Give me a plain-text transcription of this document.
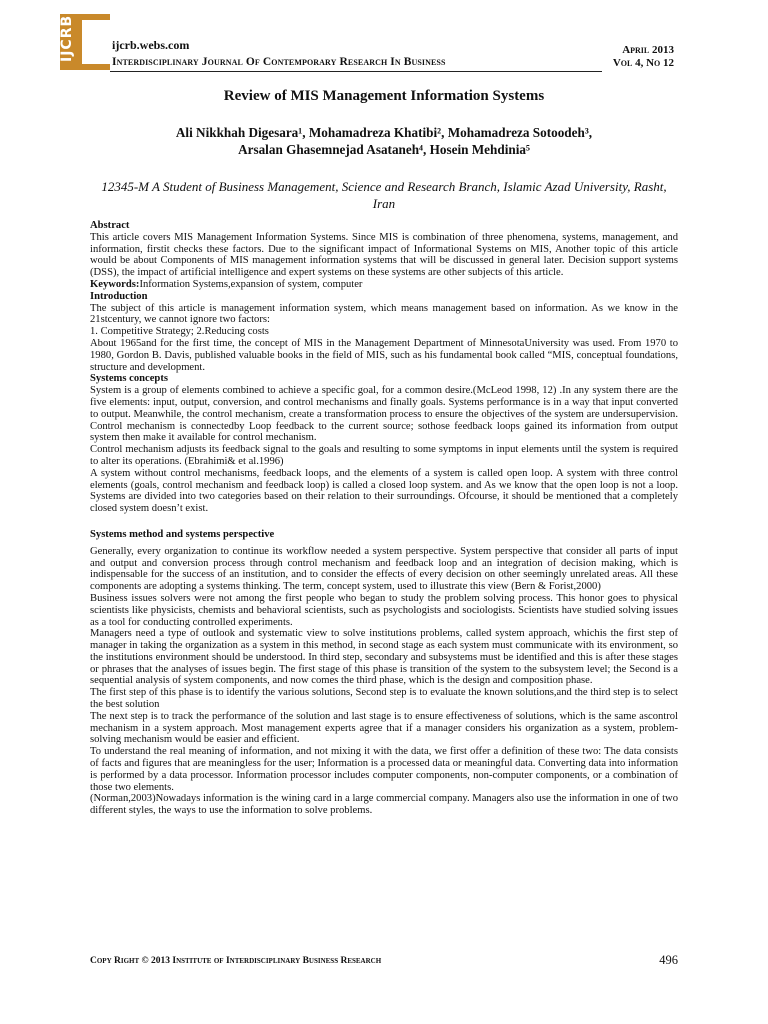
IJCRB	ijcrb.webs.com
Interdisciplinary Journal Of Contemporary Research In Business
April 2013
Vol 4, No 12
Review of MIS Management Information Systems
Ali Nikkhah Digesara¹, Mohamadreza Khatibi², Mohamadreza Sotoodeh³,
Arsalan Ghasemnejad Asataneh⁴, Hosein Mehdinia⁵
12345-M A Student of Business Management, Science and Research Branch, Islamic Azad University, Rasht, Iran

Abstract

This article covers MIS Management Information Systems. Since MIS is combination of three phenomena, systems, management, and information, firstit checks these factors. Due to the significant impact of Informational Systems on MIS, Another topic of this article would be about Components of MIS management information systems that will be discussed in general later. Decision support systems (DSS), the impact of artificial intelligence and expert systems on these systems are other subjects of this article.

Keywords:Information Systems,expansion of system, computer

Introduction

The subject of this article is management information system, which means management based on information. As we know in the 21stcentury, we cannot ignore two factors:

1. Competitive Strategy; 2.Reducing costs

About 1965and for the first time, the concept of MIS in the Management Department of MinnesotaUniversity was used. From 1970 to 1980, Gordon B. Davis, published valuable books in the field of MIS, such as his fundamental book called “MIS, conceptual foundations, structure and development.

Systems concepts

System is a group of elements combined to achieve a specific goal, for a common desire.(McLeod 1998, 12) .In any system there are the five elements: input, output, conversion, and control mechanisms and finally goals. Systems performance is in a way that input converted to output. Meanwhile, the control mechanism, create a transformation process to ensure the objectives of the system are undersupervision. Control mechanism is connectedby Loop feedback to the current source; sothose feedback loops gained its information from output system then make it available for control mechanism.

Control mechanism adjusts its feedback signal to the goals and resulting to some symptoms in input elements until the system is required to alter its operations. (Ebrahimi& et al.1996)

A system without control mechanisms, feedback loops, and the elements of a system is called open loop. A system with three control elements (goals, control mechanism and feedback loop) is called a closed loop system. and As we know that the open loop is not a loop. Systems are divided into two categories based on their relation to their surroundings. Ofcourse, it should be mentioned that a completely closed system doesn’t exist.

Systems method and systems perspective

Generally, every organization to continue its workflow needed a system perspective. System perspective that consider all parts of input and output and conversion process through control mechanism and feedback loop and an integration of decision making, which is indispensable for the success of an institution, and to consider the effects of every decision on other seemingly unrelated areas. All these components are adopting a systems thinking. The term, concept system, used to illustrate this view (Bern & Forist,2000)

Business issues solvers were not among the first people who began to study the problem solving process. This honor goes to physical scientists like physicists, chemists and behavioral scientists, such as psychologists and sociologists. Scientists have studied solving issues as a tool for conducting controlled experiments.

Managers need a type of outlook and systematic view to solve institutions problems, called system approach, whichis the first step of manager in taking the organization as a system in this method, in second stage as each system must communicate with its environment, so the institutions environment should be understood. In third step, secondary and subsystems must be identified and this is after these stages or phrases that the analyses of issues begin. The first stage of this phase is transition of the system to the subsystem level; the Second is a sequential analysis of system components, and now comes the third phase, which is the design and composition phase.

The first step of this phase is to identify the various solutions, Second step is to evaluate the known solutions,and the third step is to select the best solution

The next step is to track the performance of the solution and last stage is to ensure effectiveness of solutions, which is the same ascontrol mechanism in a system approach. Most management experts agree that if a manager considers his organization as a system, problem-solving mechanism would be easier and efficient.

To understand the real meaning of information, and not mixing it with the data, we first offer a definition of these two: The data consists of facts and figures that are meaningless for the user; Information is a processed data or meaningful data. Converting data into information is performed by a data processor. Information processor includes computer components, non-computer components, or a combination of those two elements.

(Norman,2003)Nowadays information is the wining card in a large commercial company. Managers also use the information in one of two different styles, the ways to use the information to solve problems.

Copy Right © 2013 Institute of Interdisciplinary Business Research	496
